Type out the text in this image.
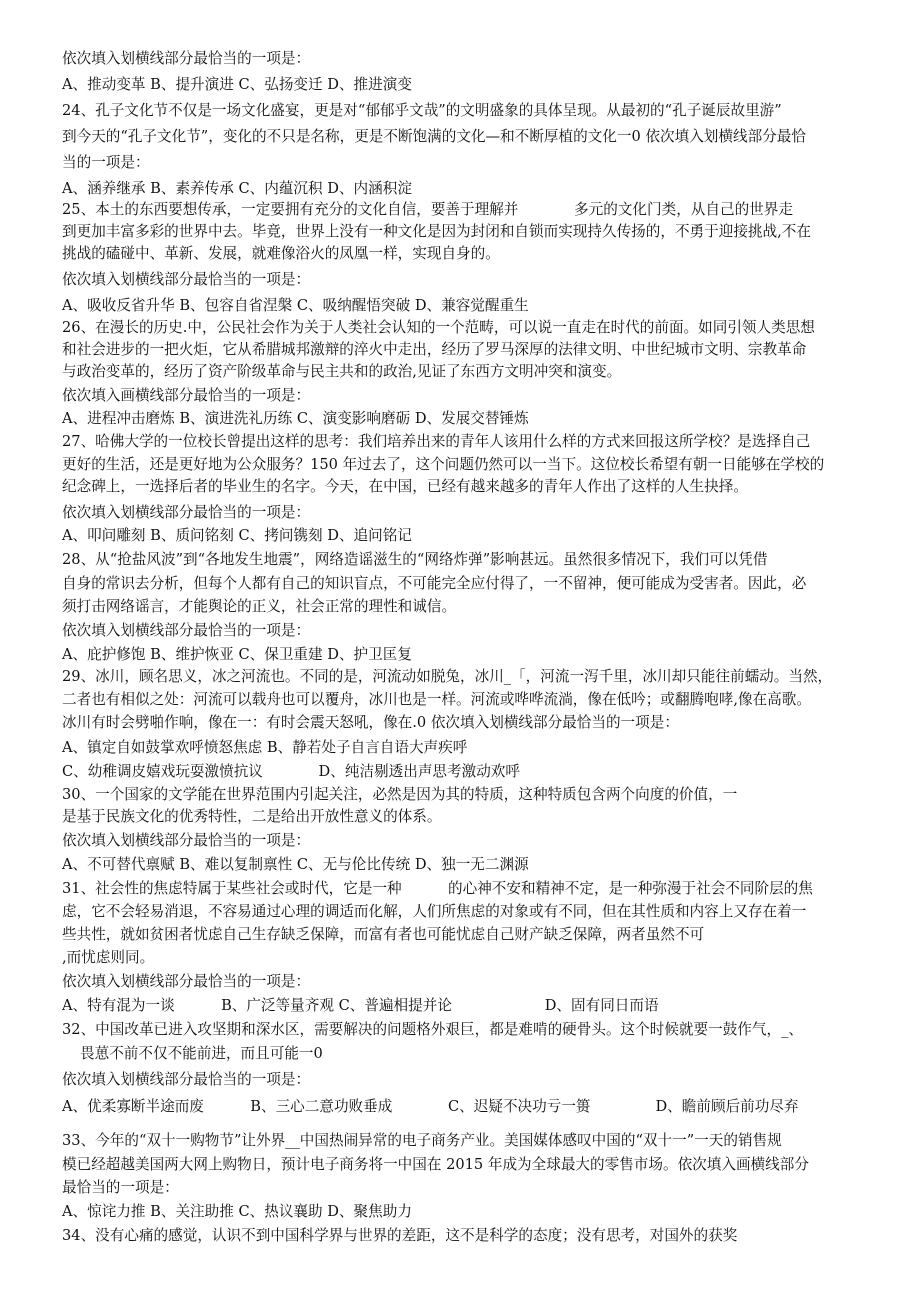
依次填入划横线部分最恰当的一项是：
A、推动变革 B、提升演进 C、弘扬变迁 D、推进演变
24、孔子文化节不仅是一场文化盛宴，更是对“郁郁乎文哉”的文明盛象的具体呈现。从最初的“孔子诞辰故里游”
到今天的“孔子文化节”，变化的不只是名称，更是不断饱满的文化—和不断厚植的文化一0 依次填入划横线部分最恰
当的一项是：
A、涵养继承 B、素养传承 C、内蕴沉积 D、内涵积淀
25、本土的东西要想传承，一定要拥有充分的文化自信，要善于理解并            多元的文化门类，从自己的世界走
到更加丰富多彩的世界中去。毕竟，世界上没有一种文化是因为封闭和自锁而实现持久传扬的，不勇于迎接挑战,不在
挑战的磕碰中、革新、发展，就难像浴火的凤凰一样，实现自身的。
依次填入划横线部分最恰当的一项是：
A、吸收反省升华 B、包容自省涅槃 C、吸纳醒悟突破 D、兼容觉醒重生
26、在漫长的历史.中，公民社会作为关于人类社会认知的一个范畴，可以说一直走在时代的前面。如同引领人类思想
和社会进步的一把火炬，它从希腊城邦激辩的淬火中走出，经历了罗马深厚的法律文明、中世纪城市文明、宗教革命
与政治变革的，经历了资产阶级革命与民主共和的政治,见证了东西方文明冲突和演变。
依次填入画横线部分最恰当的一项是：
A、进程冲击磨炼 B、演进洗礼历练 C、演变影响磨砺 D、发展交替锤炼
27、哈佛大学的一位校长曾提出这样的思考：我们培养出来的青年人该用什么样的方式来回报这所学校？是选择自己
更好的生活，还是更好地为公众服务？150 年过去了，这个问题仍然可以一当下。这位校长希望有朝一日能够在学校的
纪念碑上，一选择后者的毕业生的名字。今天，在中国，已经有越来越多的青年人作出了这样的人生抉择。
依次填入划横线部分最恰当的一项是：
A、叩问雕刻 B、质问铭刻 C、拷问镌刻 D、追问铭记
28、从“抢盐风波”到“各地发生地震”，网络造谣滋生的“网络炸弹”影响甚远。虽然很多情况下，我们可以凭借
自身的常识去分析，但每个人都有自己的知识盲点，不可能完全应付得了，一不留神，便可能成为受害者。因此，必
须打击网络谣言，才能舆论的正义，社会正常的理性和诚信。
依次填入划横线部分最恰当的一项是：
A、庇护修饱 B、维护恢亚 C、保卫重建 D、护卫匡复
29、冰川，顾名思义，冰之河流也。不同的是，河流动如脱兔，冰川_「，河流一泻千里，冰川却只能往前蠕动。当然，
二者也有相似之处：河流可以载舟也可以覆舟，冰川也是一样。河流或哗哗流淌，像在低吟；或翻腾咆哮,像在高歌。
冰川有时会劈啪作响，像在一：有时会震天怒吼，像在.0 依次填入划横线部分最恰当的一项是：
A、镇定自如鼓掌欢呼愤怒焦虑 B、静若处子自言自语大声疾呼
C、幼稚调皮嬉戏玩耍激愤抗议            D、纯洁剔透出声思考激动欢呼
30、一个国家的文学能在世界范围内引起关注，必然是因为其的特质，这种特质包含两个向度的价值，一
是基于民族文化的优秀特性，二是给出开放性意义的体系。
依次填入划横线部分最恰当的一项是：
A、不可替代禀赋 B、难以复制禀性 C、无与伦比传统 D、独一无二渊源
31、社会性的焦虑特属于某些社会或时代，它是一种          的心神不安和精神不定，是一种弥漫于社会不同阶层的焦
虑，它不会轻易消退，不容易通过心理的调适而化解，人们所焦虑的对象或有不同，但在其性质和内容上又存在着一
些共性，就如贫困者忧虑自己生存缺乏保障，而富有者也可能忧虑自己财产缺乏保障，两者虽然不可
,而忧虑则同。
依次填入划横线部分最恰当的一项是：
A、特有混为一谈          B、广泛等量齐观 C、普遍相提并论                    D、固有同日而语
32、中国改革已进入攻坚期和深水区，需要解决的问题格外艰巨，都是难啃的硬骨头。这个时候就要一鼓作气，_、
畏葸不前不仅不能前进，而且可能一0
依次填入划横线部分最恰当的一项是：
A、优柔寡断半途而废          B、三心二意功败垂成            C、迟疑不决功亏一篑              D、瞻前顾后前功尽弃
33、今年的“双十一购物节”让外界__中国热闹异常的电子商务产业。美国媒体感叹中国的“双十一”一天的销售规
模已经超越美国两大网上购物日，预计电子商务将一中国在 2015 年成为全球最大的零售市场。依次填入画横线部分
最恰当的一项是：
A、惊诧力推 B、关注助推 C、热议襄助 D、聚焦助力
34、没有心痛的感觉，认识不到中国科学界与世界的差距，这不是科学的态度；没有思考，对国外的获奖
